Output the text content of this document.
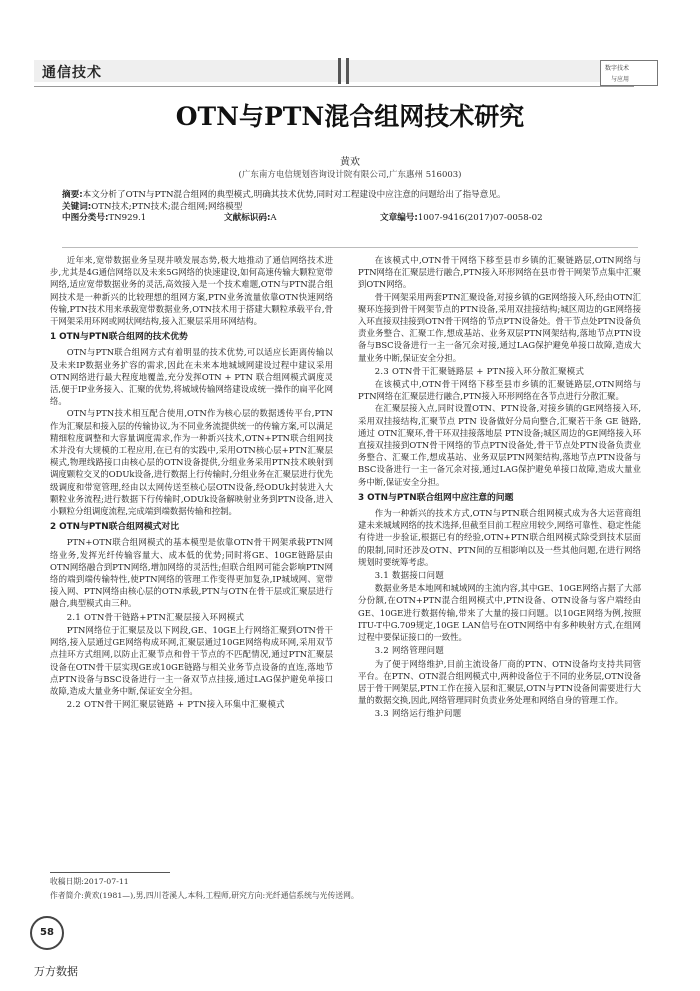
通信技术	数字技术
与应用
OTN与PTN混合组网技术研究
黄欢
(广东南方电信规划咨询设计院有限公司,广东惠州 516003)
摘要:本文分析了OTN与PTN混合组网的典型模式,明确其技术优势,同时对工程建设中应注意的问题给出了指导意见。
关键词:OTN技术;PTN技术;混合组网;网络模型
中图分类号:TN929.1	文献标识码:A	文章编号:1007-9416(2017)07-0058-02

近年来,宽带数据业务呈现井喷发展态势,极大地推动了通信网络技术进步,尤其是4G通信网络以及未来5G网络的快速建设,如何高速传输大颗粒宽带网络,适应宽带数据业务的灵活,高效接入是一个技术难题,OTN与PTN混合组网技术是一种新兴的比较理想的组网方案,PTN业务流量依靠OTN快速网络传输,PTN技术用来承载宽带数据业务,OTN技术用于搭建大颗粒承载平台,骨干网架采用环网或网状网结构,接入汇聚层采用环网结构。

1 OTN与PTN联合组网的技术优势

OTN与PTN联合组网方式有着明显的技术优势,可以适应长距离传输以及未来IP数据业务扩容的需求,因此在未来本地城域网建设过程中建议采用OTN网络进行最大程度地覆盖,充分发挥OTN + PTN 联合组网模式调度灵活,便于IP业务接入、汇聚的优势,将城域传输网络建设成统一操作的扁平化网络。

OTN与PTN技术相互配合使用,OTN作为核心层的数据透传平台,PTN作为汇聚层和接入层的传输协议,为不同业务流提供统一的传输方案,可以满足精细粒度调整和大容量调度需求,作为一种新兴技术,OTN+PTN联合组网技术并没有大规模的工程应用,在已有的实践中,采用OTN核心层+PTN汇聚层模式,物理线路接口由核心层的OTN设备提供,分组业务采用PTN技术映射到调度颗粒交叉的ODUk设备,进行数据上行传输时,分组业务在汇聚层进行优先级调度和带宽管理,经由以太网传送至核心层OTN设备,经ODUk封装进入大颗粒业务流程;进行数据下行传输时,ODUk设备解映射业务到PTN设备,进入小颗粒分组调度流程,完成端到端数据传输和控制。

2 OTN与PTN联合组网模式对比

PTN+OTN联合组网模式的基本模型是依靠OTN骨干网架承载PTN网络业务,发挥光纤传输容量大、成本低的优势;同时将GE、10GE链路层由OTN网络融合到PTN网络,增加网络的灵活性;但联合组网可能会影响PTN网络的端到端传输特性,使PTN网络的管理工作变得更加复杂,IP城域网、宽带接入网、PTN网络由核心层的OTN承载,PTN与OTN在骨干层或汇聚层进行融合,典型模式由三种。

2.1 OTN骨干链路+PTN汇聚层接入环网模式

PTN网络位于汇聚层及以下网段,GE、10GE上行网络汇聚到OTN骨干网络,接入层通过GE网络构成环网,汇聚层通过10GE网络构成环网,采用双节点挂环方式组网,以防止汇聚节点和骨干节点的不匹配情况,通过PTN汇聚层设备在OTN骨干层实现GE或10GE链路与相关业务节点设备的直连,落地节点PTN设备与BSC设备进行一主一备双节点挂接,通过LAG保护避免单接口故障,造成大量业务中断,保证安全分担。

2.2 OTN骨干网汇聚层链路 + PTN接入环集中汇聚模式

在该模式中,OTN骨干网络下移至县市乡镇的汇聚链路层,OTN网络与PTN网络在汇聚层进行融合,PTN接入环形网络在县市骨干网架节点集中汇聚到OTN网络。

骨干网架采用两套PTN汇聚设备,对接乡镇的GE网络接入环,经由OTN汇聚环连接到骨干网架节点的PTN设备,采用双挂接结构;城区周边的GE网络接入环直接双挂接到OTN骨干网络的节点PTN设备处。骨干节点处PTN设备负责业务整合、汇聚工作,想成基站、业务双层PTN网架结构,落地节点PTN设备与BSC设备进行一主一备冗余对接,通过LAG保护避免单接口故障,造成大量业务中断,保证安全分担。

2.3 OTN骨干汇聚链路层 + PTN接入环分散汇聚模式

在该模式中,OTN骨干网络下移至县市乡镇的汇聚链路层,OTN网络与PTN网络在汇聚层进行融合,PTN接入环形网络在各节点进行分散汇聚。

在汇聚层接入点,同时设置OTN、PTN设备,对接乡镇的GE网络接入环,采用双挂接结构,汇聚节点 PTN 设备做好分局向整合,汇聚若干条 GE 链路,通过 OTN汇聚环,骨干环双挂接落地层 PTN设备;城区周边的GE网络接入环直接双挂接到OTN骨干网络的节点PTN设备处,骨干节点处PTN设备负责业务整合、汇聚工作,想成基站、业务双层PTN网架结构,落地节点PTN设备与BSC设备进行一主一备冗余对接,通过LAG保护避免单接口故障,造成大量业务中断,保证安全分担。

3 OTN与PTN联合组网中应注意的问题

作为一种新兴的技术方式,OTN与PTN联合组网模式成为各大运营商组建未来城域网络的技术选择,但截至目前工程应用较少,网络可靠性、稳定性能有待进一步验证,根据已有的经验,OTN+PTN联合组网模式除受到技术层面的限制,同时还涉及OTN、PTN间的互相影响以及一些其他问题,在进行网络规划时要统筹考虑。

3.1 数据接口问题

数据业务是本地网和城域网的主流内容,其中GE、10GE网络占据了大部分份额,在OTN+PTN混合组网模式中,PTN设备、OTN设备与客户端经由GE、10GE进行数据传输,带来了大量的接口问题。以10GE网络为例,按照ITU-T中G.709规定,10GE LAN信号在OTN网络中有多种映射方式,在组网过程中要保证接口的一致性。

3.2 网络管理问题

为了便于网络维护,目前主流设备厂商的PTN、OTN设备均支持共同管平台。在PTN、OTN混合组网模式中,两种设备位于不同的业务层,OTN设备居于骨干网架层,PTN工作在接入层和汇聚层,OTN与PTN设备间需要进行大量的数据交换,因此,网络管理同时负责业务处理和网络自身的管理工作。

3.3 网络运行维护问题
收稿日期:2017-07-11
作者简介:黄欢(1981—),男,四川苍溪人,本科,工程师,研究方向:光纤通信系统与光传送网。
58
万方数据
